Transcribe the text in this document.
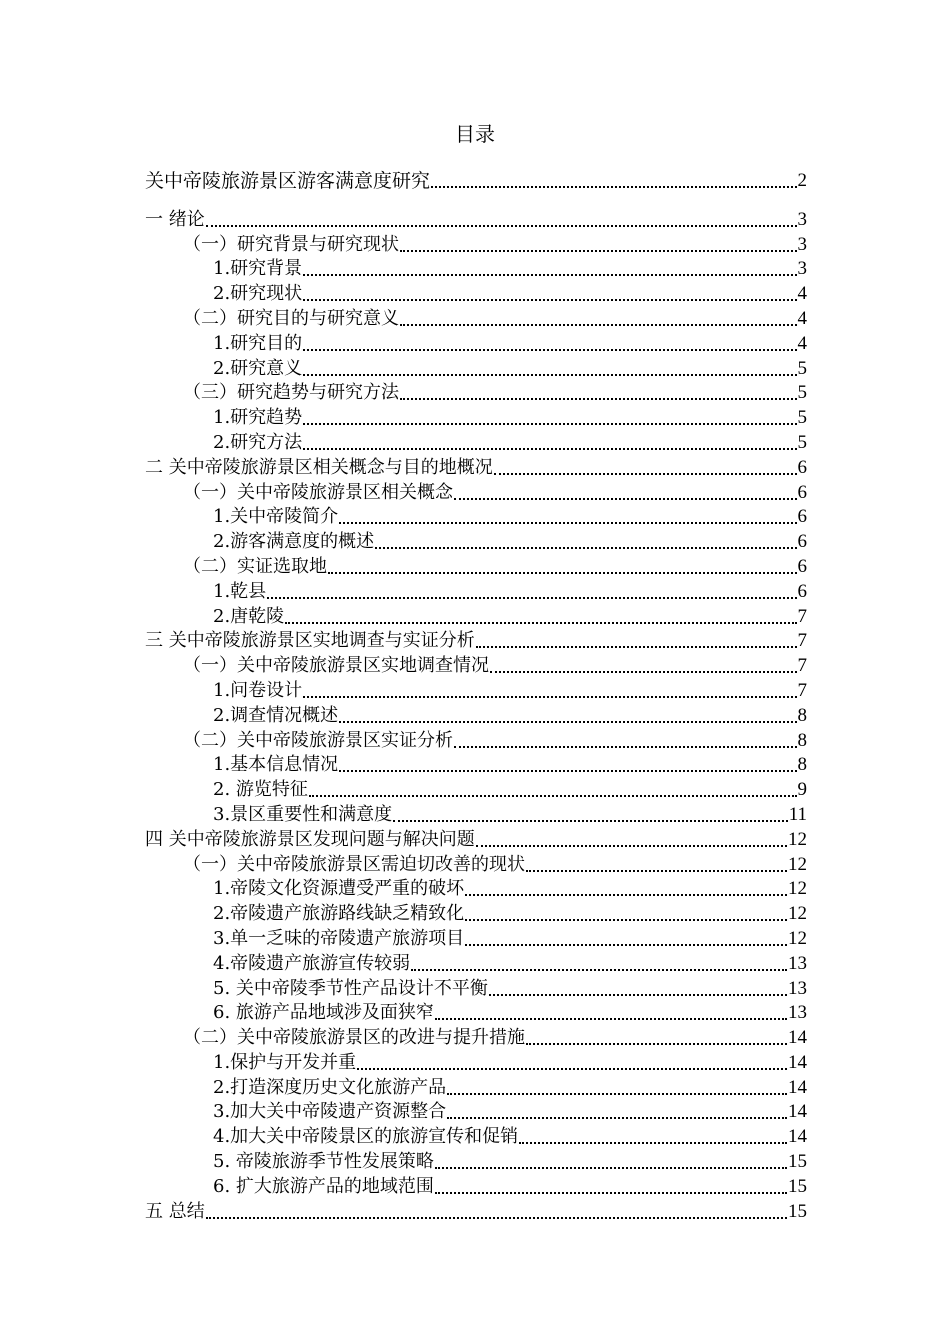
目录
关中帝陵旅游景区游客满意度研究	2
一 绪论	3
（一）研究背景与研究现状	3
1.研究背景	3
2.研究现状	4
（二）研究目的与研究意义	4
1.研究目的	4
2.研究意义	5
（三）研究趋势与研究方法	5
1.研究趋势	5
2.研究方法	5
二 关中帝陵旅游景区相关概念与目的地概况	6
（一）关中帝陵旅游景区相关概念	6
1.关中帝陵简介	6
2.游客满意度的概述	6
（二）实证选取地	6
1.乾县	6
2.唐乾陵	7
三 关中帝陵旅游景区实地调查与实证分析	7
（一）关中帝陵旅游景区实地调查情况	7
1.问卷设计	7
2.调查情况概述	8
（二）关中帝陵旅游景区实证分析	8
1.基本信息情况	8
2. 游览特征	9
3.景区重要性和满意度	11
四 关中帝陵旅游景区发现问题与解决问题	12
（一）关中帝陵旅游景区需迫切改善的现状	12
1.帝陵文化资源遭受严重的破坏	12
2.帝陵遗产旅游路线缺乏精致化	12
3.单一乏味的帝陵遗产旅游项目	12
4.帝陵遗产旅游宣传较弱	13
5. 关中帝陵季节性产品设计不平衡	13
6. 旅游产品地域涉及面狭窄	13
（二）关中帝陵旅游景区的改进与提升措施	14
1.保护与开发并重	14
2.打造深度历史文化旅游产品	14
3.加大关中帝陵遗产资源整合	14
4.加大关中帝陵景区的旅游宣传和促销	14
5. 帝陵旅游季节性发展策略	15
6. 扩大旅游产品的地域范围	15
五 总结	15
